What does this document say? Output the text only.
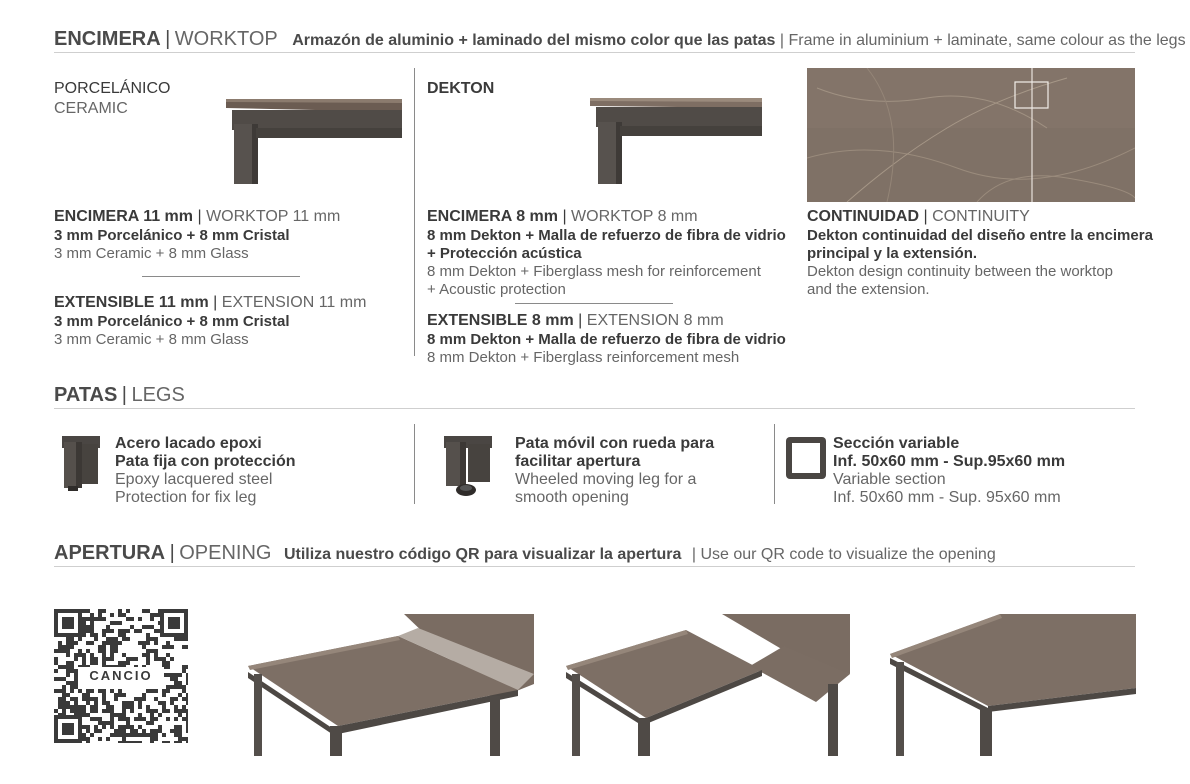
ENCIMERA | WORKTOP Armazón de aluminio + laminado del mismo color que las patas | Frame in aluminium + laminate, same colour as the legs
PORCELÁNICO
CERAMIC
ENCIMERA 11 mm | WORKTOP 11 mm
3 mm Porcelánico + 8 mm Cristal
3 mm Ceramic + 8 mm Glass
EXTENSIBLE 11 mm | EXTENSION 11 mm
3 mm Porcelánico + 8 mm Cristal
3 mm Ceramic + 8 mm Glass
DEKTON
ENCIMERA 8 mm | WORKTOP 8 mm
8 mm Dekton + Malla de refuerzo de fibra de vidrio
+ Protección acústica
8 mm Dekton + Fiberglass mesh for reinforcement
+ Acoustic protection
EXTENSIBLE 8 mm | EXTENSION 8 mm
8 mm Dekton + Malla de refuerzo de fibra de vidrio
8 mm Dekton + Fiberglass reinforcement mesh
CONTINUIDAD | CONTINUITY
Dekton continuidad del diseño entre la encimera
principal y la extensión.
Dekton design continuity between the worktop
and the extension.
PATAS | LEGS
Acero lacado epoxi
Pata fija con protección
Epoxy lacquered steel
Protection for fix leg
Pata móvil con rueda para
facilitar apertura
Wheeled moving leg for a
smooth opening
Sección variable
Inf. 50x60 mm - Sup.95x60 mm
Variable section
Inf. 50x60 mm - Sup. 95x60 mm
APERTURA | OPENING Utiliza nuestro código QR para visualizar la apertura | Use our QR code to visualize the opening
CANCIO
